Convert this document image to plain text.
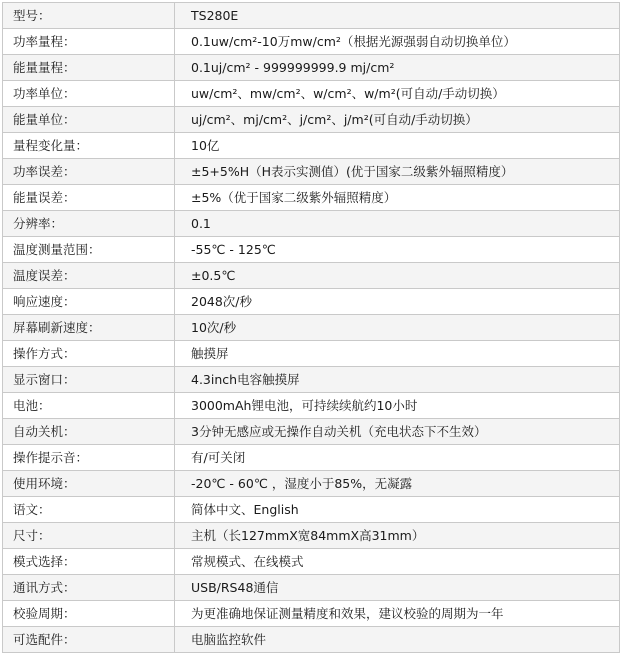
型号：	TS280E
功率量程：	0.1uw/cm²-10万mw/cm²（根据光源强弱自动切换单位）
能量量程：	0.1uj/cm² - 999999999.9 mj/cm²
功率单位：	uw/cm²、mw/cm²、w/cm²、w/m²(可自动/手动切换）
能量单位：	uj/cm²、mj/cm²、j/cm²、j/m²(可自动/手动切换）
量程变化量：	10亿
功率误差：	±5+5%H（H表示实测值）(优于国家二级紫外辐照精度）
能量误差：	±5%（优于国家二级紫外辐照精度）
分辨率：	0.1
温度测量范围：	-55℃ - 125℃
温度误差：	±0.5℃
响应速度：	2048次/秒
屏幕刷新速度：	10次/秒
操作方式：	触摸屏
显示窗口：	4.3inch电容触摸屏
电池：	3000mAh锂电池，可持续续航约10小时
自动关机：	3分钟无感应或无操作自动关机（充电状态下不生效）
操作提示音：	有/可关闭
使用环境：	-20℃ - 60℃ ，湿度小于85%，无凝露
语文：	简体中文、English
尺寸：	主机（长127mmX宽84mmX高31mm）
模式选择：	常规模式、在线模式
通讯方式：	USB/RS48通信
校验周期：	为更准确地保证测量精度和效果，建议校验的周期为一年
可选配件：	电脑监控软件
